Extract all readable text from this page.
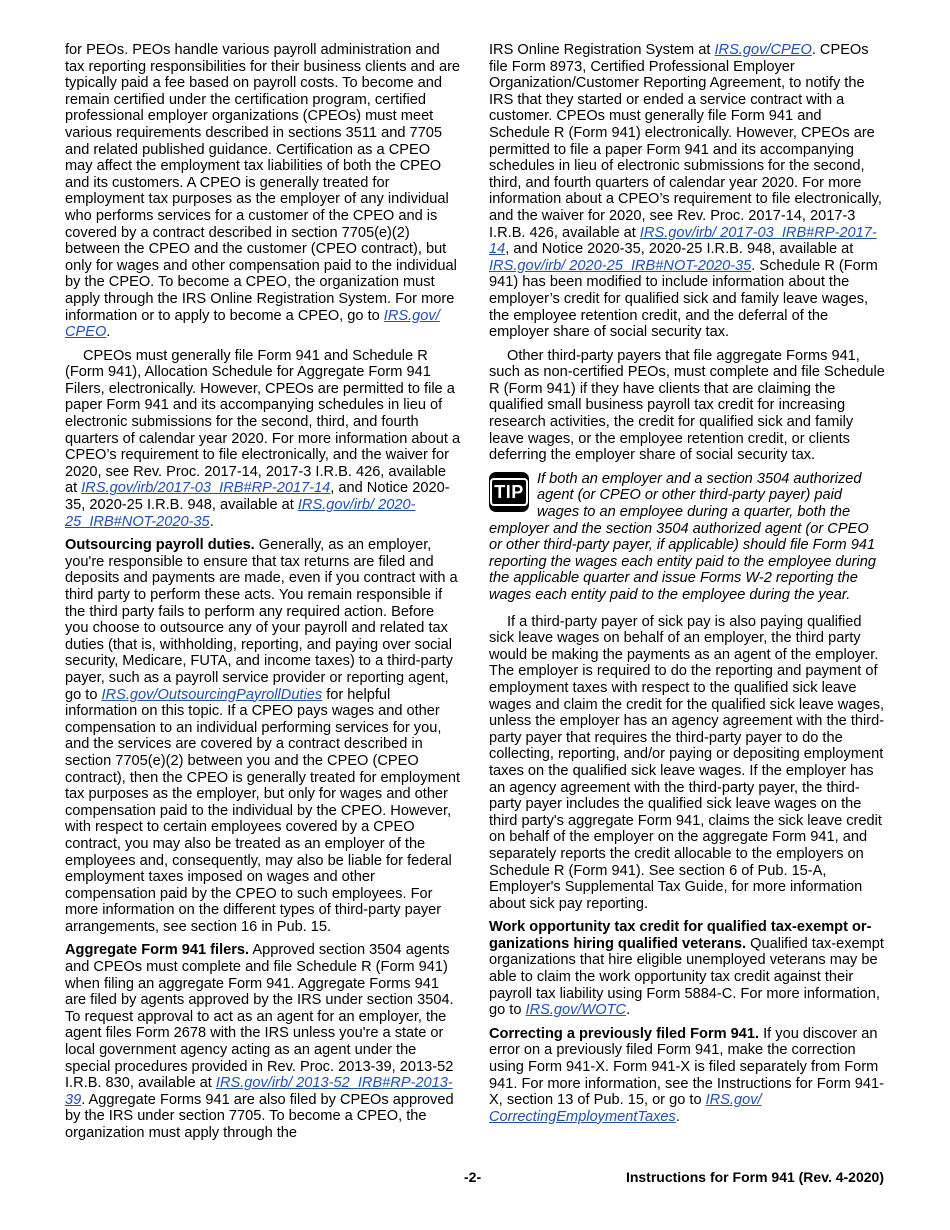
for PEOs. PEOs handle various payroll administration and tax reporting responsibilities for their business clients and are typically paid a fee based on payroll costs. To become and remain certified under the certification program, certified professional employer organizations (CPEOs) must meet various requirements described in sections 3511 and 7705 and related published guidance. Certification as a CPEO may affect the employment tax liabilities of both the CPEO and its customers. A CPEO is generally treated for employment tax purposes as the employer of any individual who performs services for a customer of the CPEO and is covered by a contract described in section 7705(e)(2) between the CPEO and the customer (CPEO contract), but only for wages and other compensation paid to the individual by the CPEO. To become a CPEO, the organization must apply through the IRS Online Registration System. For more information or to apply to become a CPEO, go to IRS.gov/ CPEO.

CPEOs must generally file Form 941 and Schedule R (Form 941), Allocation Schedule for Aggregate Form 941 Filers, electronically. However, CPEOs are permitted to file a paper Form 941 and its accompanying schedules in lieu of electronic submissions for the second, third, and fourth quarters of calendar year 2020. For more information about a CPEO’s requirement to file electronically, and the waiver for 2020, see Rev. Proc. 2017-14, 2017-3 I.R.B. 426, available at IRS.gov/irb/2017-03_IRB#RP-2017-14, and Notice 2020-35, 2020-25 I.R.B. 948, available at IRS.gov/irb/ 2020-25_IRB#NOT-2020-35.

Outsourcing payroll duties. Generally, as an employer, you're responsible to ensure that tax returns are filed and deposits and payments are made, even if you contract with a third party to perform these acts. You remain responsible if the third party fails to perform any required action. Before you choose to outsource any of your payroll and related tax duties (that is, withholding, reporting, and paying over social security, Medicare, FUTA, and income taxes) to a third-party payer, such as a payroll service provider or reporting agent, go to IRS.gov/OutsourcingPayrollDuties for helpful information on this topic. If a CPEO pays wages and other compensation to an individual performing services for you, and the services are covered by a contract described in section 7705(e)(2) between you and the CPEO (CPEO contract), then the CPEO is generally treated for employment tax purposes as the employer, but only for wages and other compensation paid to the individual by the CPEO. However, with respect to certain employees covered by a CPEO contract, you may also be treated as an employer of the employees and, consequently, may also be liable for federal employment taxes imposed on wages and other compensation paid by the CPEO to such employees. For more information on the different types of third-party payer arrangements, see section 16 in Pub. 15.

Aggregate Form 941 filers. Approved section 3504 agents and CPEOs must complete and file Schedule R (Form 941) when filing an aggregate Form 941. Aggregate Forms 941 are filed by agents approved by the IRS under section 3504. To request approval to act as an agent for an employer, the agent files Form 2678 with the IRS unless you're a state or local government agency acting as an agent under the special procedures provided in Rev. Proc. 2013-39, 2013-52 I.R.B. 830, available at IRS.gov/irb/ 2013-52_IRB#RP-2013-39. Aggregate Forms 941 are also filed by CPEOs approved by the IRS under section 7705. To become a CPEO, the organization must apply through the

IRS Online Registration System at IRS.gov/CPEO. CPEOs file Form 8973, Certified Professional Employer Organization/Customer Reporting Agreement, to notify the IRS that they started or ended a service contract with a customer. CPEOs must generally file Form 941 and Schedule R (Form 941) electronically. However, CPEOs are permitted to file a paper Form 941 and its accompanying schedules in lieu of electronic submissions for the second, third, and fourth quarters of calendar year 2020. For more information about a CPEO’s requirement to file electronically, and the waiver for 2020, see Rev. Proc. 2017-14, 2017-3 I.R.B. 426, available at IRS.gov/irb/ 2017-03_IRB#RP-2017-14, and Notice 2020-35, 2020-25 I.R.B. 948, available at IRS.gov/irb/ 2020-25_IRB#NOT-2020-35. Schedule R (Form 941) has been modified to include information about the employer’s credit for qualified sick and family leave wages, the employee retention credit, and the deferral of the employer share of social security tax.

Other third-party payers that file aggregate Forms 941, such as non-certified PEOs, must complete and file Schedule R (Form 941) if they have clients that are claiming the qualified small business payroll tax credit for increasing research activities, the credit for qualified sick and family leave wages, or the employee retention credit, or clients deferring the employer share of social security tax.

TIP
If both an employer and a section 3504 authorized agent (or CPEO or other third-party payer) paid wages to an employee during a quarter, both the employer and the section 3504 authorized agent (or CPEO or other third-party payer, if applicable) should file Form 941 reporting the wages each entity paid to the employee during the applicable quarter and issue Forms W-2 reporting the wages each entity paid to the employee during the year.

If a third-party payer of sick pay is also paying qualified sick leave wages on behalf of an employer, the third party would be making the payments as an agent of the employer. The employer is required to do the reporting and payment of employment taxes with respect to the qualified sick leave wages and claim the credit for the qualified sick leave wages, unless the employer has an agency agreement with the third-party payer that requires the third-party payer to do the collecting, reporting, and/or paying or depositing employment taxes on the qualified sick leave wages. If the employer has an agency agreement with the third-party payer, the third-party payer includes the qualified sick leave wages on the third party's aggregate Form 941, claims the sick leave credit on behalf of the employer on the aggregate Form 941, and separately reports the credit allocable to the employers on Schedule R (Form 941). See section 6 of Pub. 15-A, Employer's Supplemental Tax Guide, for more information about sick pay reporting.

Work opportunity tax credit for qualified tax-exempt organizations hiring qualified veterans. Qualified tax-exempt organizations that hire eligible unemployed veterans may be able to claim the work opportunity tax credit against their payroll tax liability using Form 5884-C. For more information, go to IRS.gov/WOTC.

Correcting a previously filed Form 941. If you discover an error on a previously filed Form 941, make the correction using Form 941-X. Form 941-X is filed separately from Form 941. For more information, see the Instructions for Form 941-X, section 13 of Pub. 15, or go to IRS.gov/ CorrectingEmploymentTaxes.

-2-	Instructions for Form 941 (Rev. 4-2020)
